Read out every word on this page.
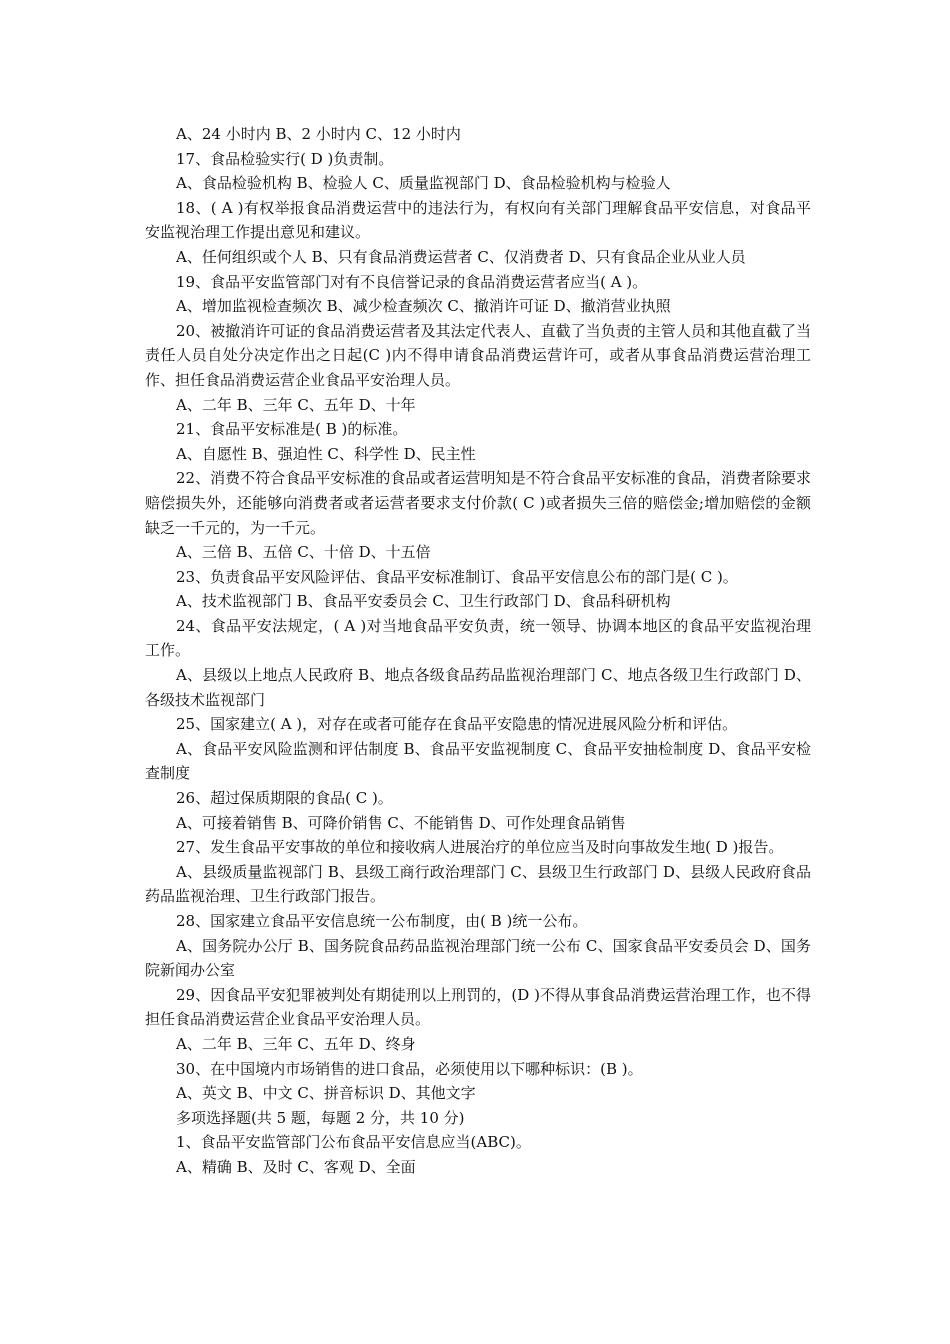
A、24 小时内 B、2 小时内 C、12 小时内

17、食品检验实行( D )负责制。

A、食品检验机构 B、检验人 C、质量监视部门 D、食品检验机构与检验人

18、( A )有权举报食品消费运营中的违法行为，有权向有关部门理解食品平安信息，对食品平安监视治理工作提出意见和建议。

A、任何组织或个人 B、只有食品消费运营者 C、仅消费者 D、只有食品企业从业人员

19、食品平安监管部门对有不良信誉记录的食品消费运营者应当( A )。

A、增加监视检查频次 B、减少检查频次 C、撤消许可证 D、撤消营业执照

20、被撤消许可证的食品消费运营者及其法定代表人、直截了当负责的主管人员和其他直截了当责任人员自处分决定作出之日起(C )内不得申请食品消费运营许可，或者从事食品消费运营治理工作、担任食品消费运营企业食品平安治理人员。

A、二年 B、三年 C、五年 D、十年

21、食品平安标准是( B )的标准。

A、自愿性 B、强迫性 C、科学性 D、民主性

22、消费不符合食品平安标准的食品或者运营明知是不符合食品平安标准的食品，消费者除要求赔偿损失外，还能够向消费者或者运营者要求支付价款( C )或者损失三倍的赔偿金;增加赔偿的金额缺乏一千元的，为一千元。

A、三倍 B、五倍 C、十倍 D、十五倍

23、负责食品平安风险评估、食品平安标准制订、食品平安信息公布的部门是( C )。

A、技术监视部门 B、食品平安委员会 C、卫生行政部门 D、食品科研机构

24、食品平安法规定，( A )对当地食品平安负责，统一领导、协调本地区的食品平安监视治理工作。

A、县级以上地点人民政府 B、地点各级食品药品监视治理部门 C、地点各级卫生行政部门 D、各级技术监视部门

25、国家建立( A )，对存在或者可能存在食品平安隐患的情况进展风险分析和评估。

A、食品平安风险监测和评估制度 B、食品平安监视制度 C、食品平安抽检制度 D、食品平安检查制度

26、超过保质期限的食品( C )。

A、可接着销售 B、可降价销售 C、不能销售 D、可作处理食品销售

27、发生食品平安事故的单位和接收病人进展治疗的单位应当及时向事故发生地( D )报告。

A、县级质量监视部门 B、县级工商行政治理部门 C、县级卫生行政部门 D、县级人民政府食品药品监视治理、卫生行政部门报告。

28、国家建立食品平安信息统一公布制度，由( B )统一公布。

A、国务院办公厅 B、国务院食品药品监视治理部门统一公布 C、国家食品平安委员会 D、国务院新闻办公室

29、因食品平安犯罪被判处有期徒刑以上刑罚的，(D )不得从事食品消费运营治理工作，也不得担任食品消费运营企业食品平安治理人员。

A、二年 B、三年 C、五年 D、终身

30、在中国境内市场销售的进口食品，必须使用以下哪种标识：(B )。

A、英文 B、中文 C、拼音标识 D、其他文字

多项选择题(共 5 题，每题 2 分，共 10 分)

1、食品平安监管部门公布食品平安信息应当(ABC)。

A、精确 B、及时 C、客观 D、全面
